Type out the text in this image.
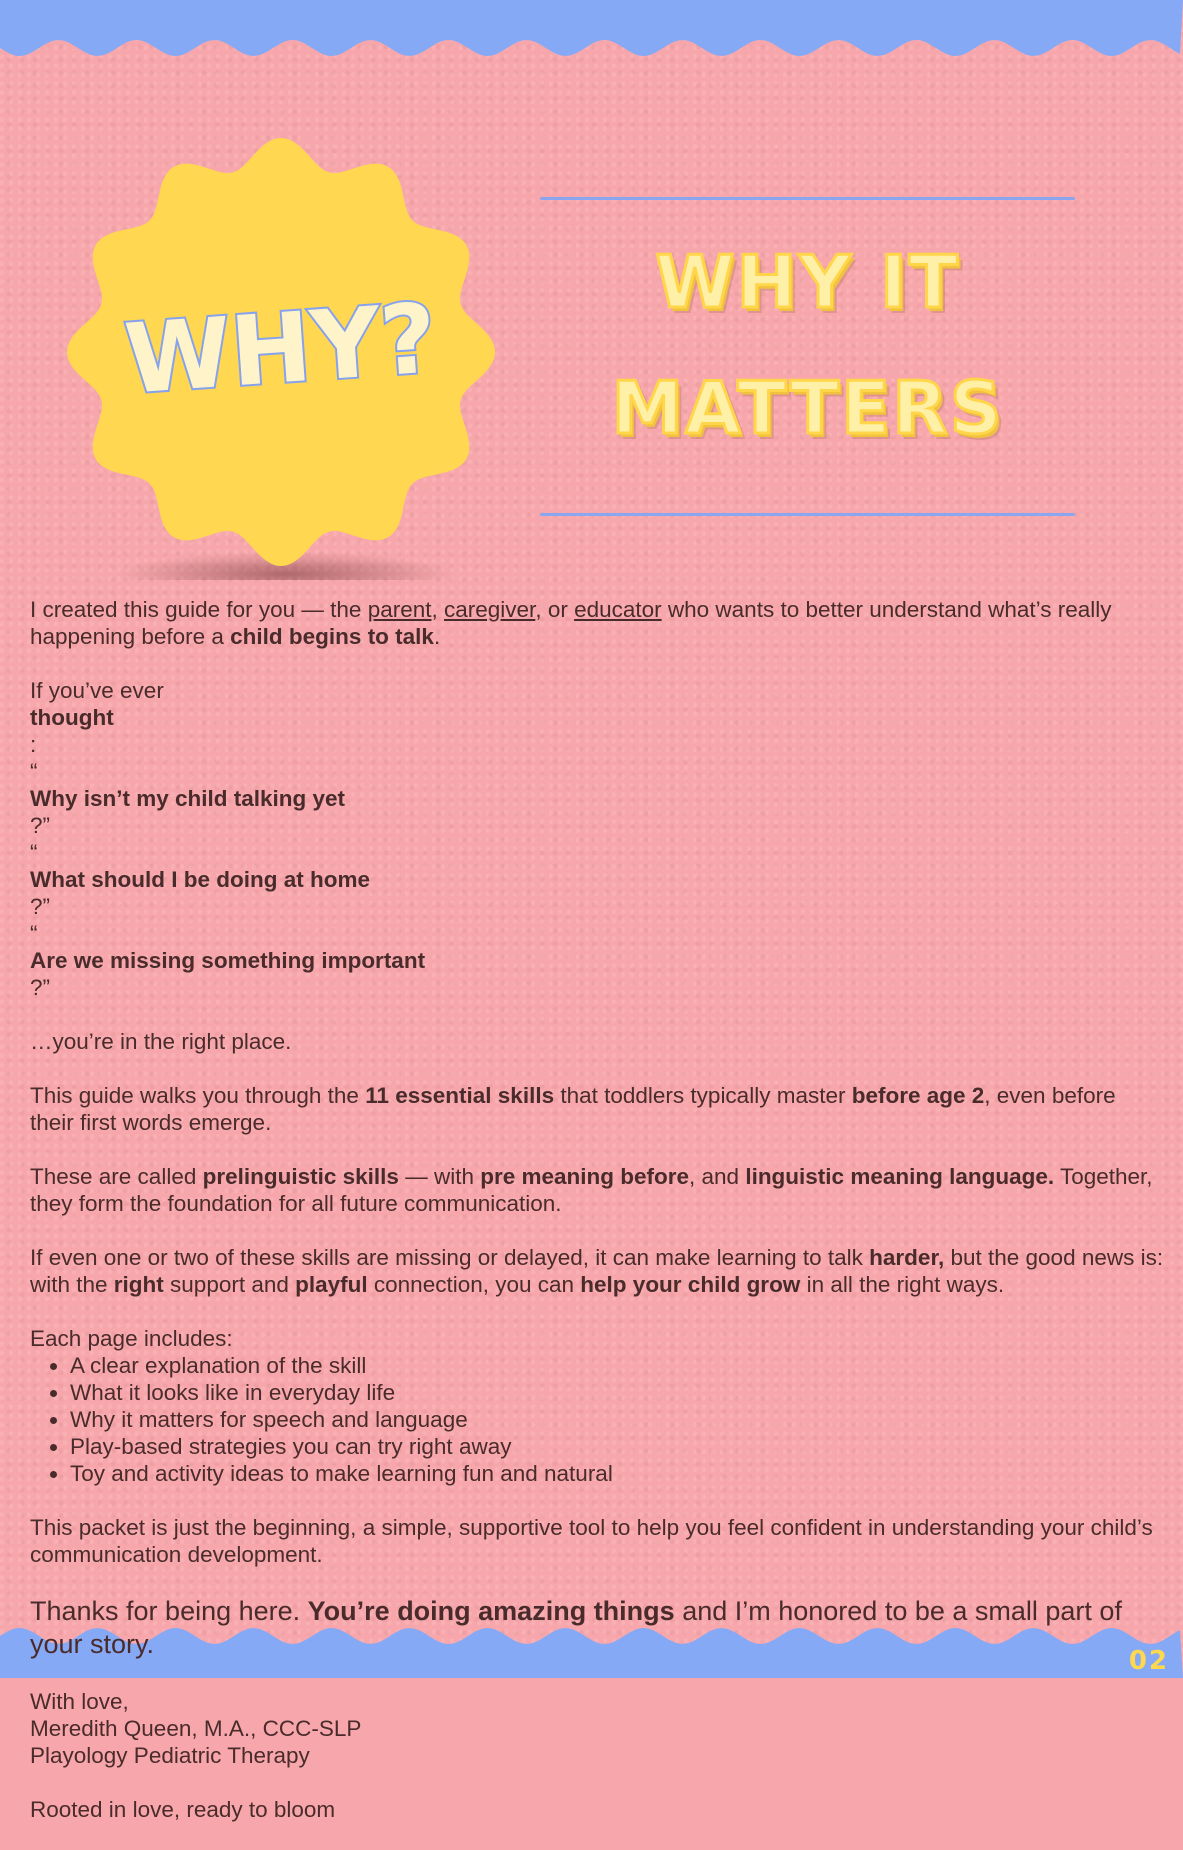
02
WHY?
WHY IT
MATTERS

I created this guide for you — the parent, caregiver, or educator who wants to better understand what’s really happening before a child begins to talk.

If you’ve ever
thought
:
“
Why isn’t my child talking yet
?”
“
What should I be doing at home
?”
“
Are we missing something important
?”

…you’re in the right place.

This guide walks you through the 11 essential skills that toddlers typically master before age 2, even before their first words emerge.

These are called prelinguistic skills — with pre meaning before, and linguistic meaning language. Together, they form the foundation for all future communication.

If even one or two of these skills are missing or delayed, it can make learning to talk harder, but the good news is: with the right support and playful connection, you can help your child grow in all the right ways.

Each page includes:
• A clear explanation of the skill
• What it looks like in everyday life
• Why it matters for speech and language
• Play-based strategies you can try right away
• Toy and activity ideas to make learning fun and natural

This packet is just the beginning, a simple, supportive tool to help you feel confident in understanding your child’s communication development.

Thanks for being here. You’re doing amazing things and I’m honored to be a small part of your story.

With love,
Meredith Queen, M.A., CCC-SLP
Playology Pediatric Therapy

Rooted in love, ready to bloom
